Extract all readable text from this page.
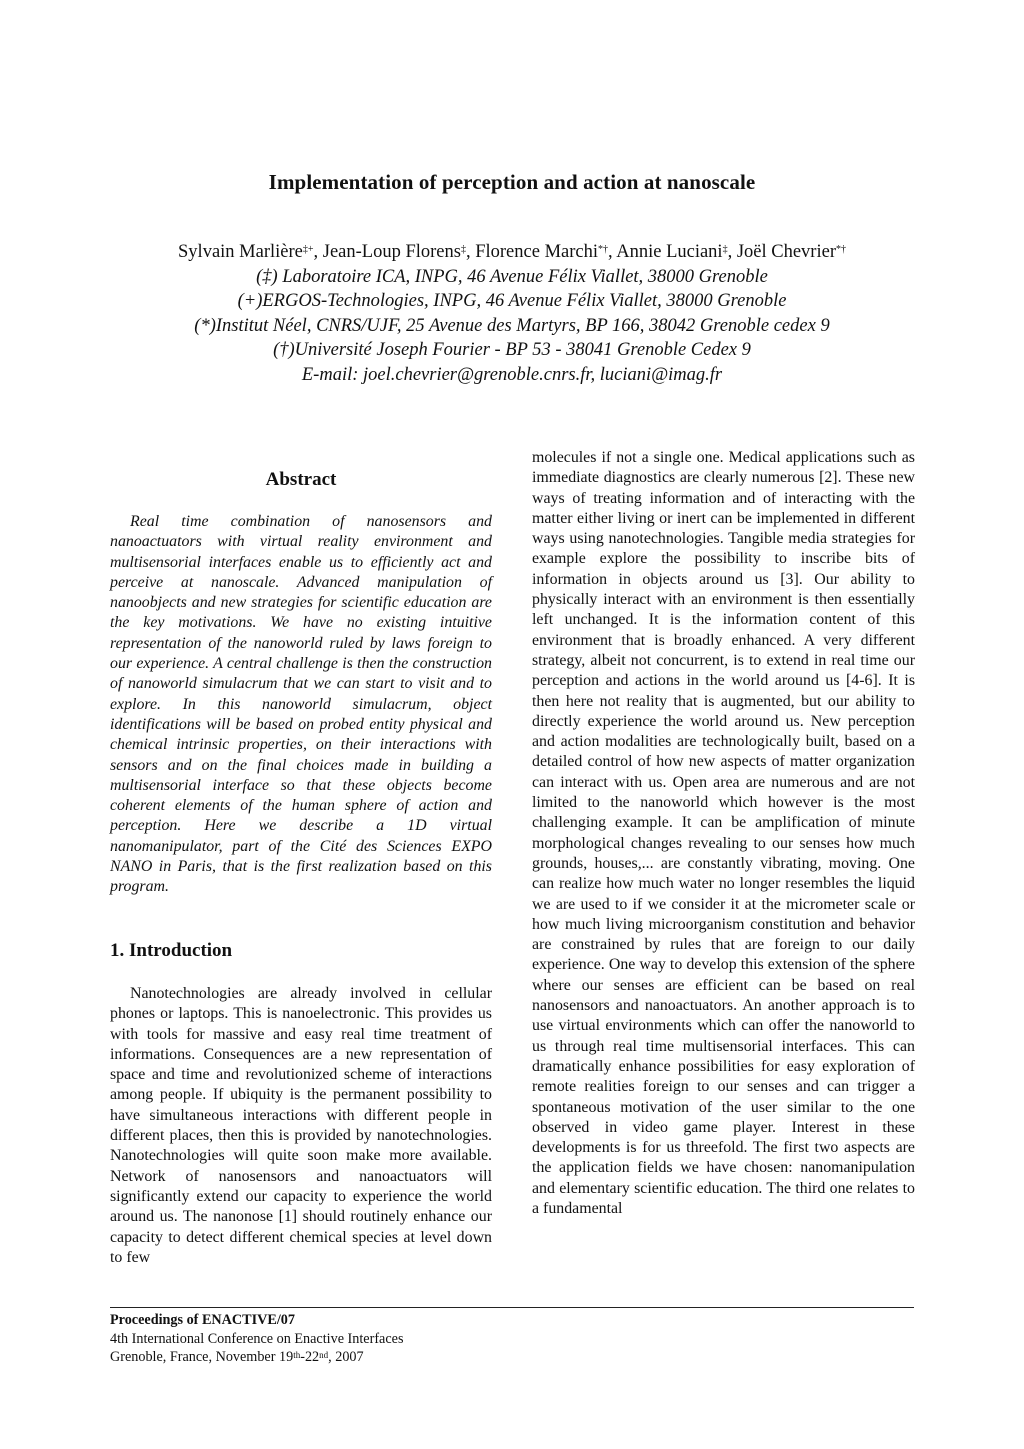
Implementation of perception and action at nanoscale
Sylvain Marlière‡+, Jean-Loup Florens‡, Florence Marchi*†, Annie Luciani‡, Joël Chevrier*†
(‡) Laboratoire ICA, INPG, 46 Avenue Félix Viallet, 38000 Grenoble
(+)ERGOS-Technologies, INPG, 46 Avenue Félix Viallet, 38000 Grenoble
(*)Institut Néel, CNRS/UJF, 25 Avenue des Martyrs, BP 166, 38042 Grenoble cedex 9
(†)Université Joseph Fourier - BP 53 - 38041 Grenoble Cedex 9
E-mail: joel.chevrier@grenoble.cnrs.fr, luciani@imag.fr
Abstract

Real time combination of nanosensors and nanoactuators with virtual reality environment and multisensorial interfaces enable us to efficiently act and perceive at nanoscale. Advanced manipulation of nanoobjects and new strategies for scientific education are the key motivations. We have no existing intuitive representation of the nanoworld ruled by laws foreign to our experience. A central challenge is then the construction of nanoworld simulacrum that we can start to visit and to explore. In this nanoworld simulacrum, object identifications will be based on probed entity physical and chemical intrinsic properties, on their interactions with sensors and on the final choices made in building a multisensorial interface so that these objects become coherent elements of the human sphere of action and perception. Here we describe a 1D virtual nanomanipulator, part of the Cité des Sciences EXPO NANO in Paris, that is the first realization based on this program.

1. Introduction

Nanotechnologies are already involved in cellular phones or laptops. This is nanoelectronic. This provides us with tools for massive and easy real time treatment of informations. Consequences are a new representation of space and time and revolutionized scheme of interactions among people. If ubiquity is the permanent possibility to have simultaneous interactions with different people in different places, then this is provided by nanotechnologies. Nanotechnologies will quite soon make more available. Network of nanosensors and nanoactuators will significantly extend our capacity to experience the world around us. The nanonose [1] should routinely enhance our capacity to detect different chemical species at level down to few

molecules if not a single one. Medical applications such as immediate diagnostics are clearly numerous [2]. These new ways of treating information and of interacting with the matter either living or inert can be implemented in different ways using nanotechnologies. Tangible media strategies for example explore the possibility to inscribe bits of information in objects around us [3]. Our ability to physically interact with an environment is then essentially left unchanged. It is the information content of this environment that is broadly enhanced. A very different strategy, albeit not concurrent, is to extend in real time our perception and actions in the world around us [4-6]. It is then here not reality that is augmented, but our ability to directly experience the world around us. New perception and action modalities are technologically built, based on a detailed control of how new aspects of matter organization can interact with us. Open area are numerous and are not limited to the nanoworld which however is the most challenging example. It can be amplification of minute morphological changes revealing to our senses how much grounds, houses,... are constantly vibrating, moving. One can realize how much water no longer resembles the liquid we are used to if we consider it at the micrometer scale or how much living microorganism constitution and behavior are constrained by rules that are foreign to our daily experience. One way to develop this extension of the sphere where our senses are efficient can be based on real nanosensors and nanoactuators. An another approach is to use virtual environments which can offer the nanoworld to us through real time multisensorial interfaces. This can dramatically enhance possibilities for easy exploration of remote realities foreign to our senses and can trigger a spontaneous motivation of the user similar to the one observed in video game player. Interest in these developments is for us threefold. The first two aspects are the application fields we have chosen: nanomanipulation and elementary scientific education. The third one relates to a fundamental

Proceedings of ENACTIVE/07
4th International Conference on Enactive Interfaces
Grenoble, France, November 19th-22nd, 2007
